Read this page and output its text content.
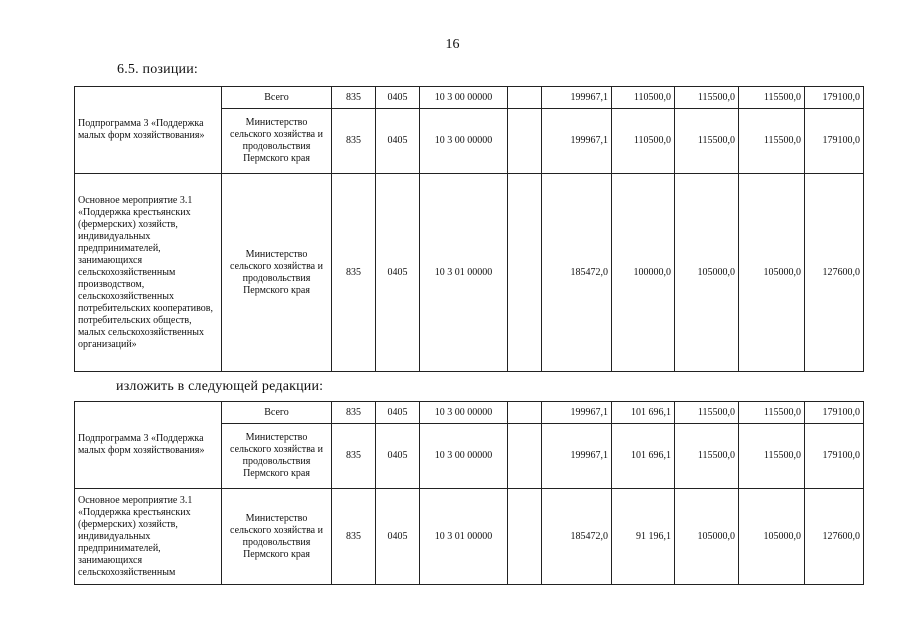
16
6.5. позиции:
Подпрограмма 3 «Поддержка малых форм хозяйствования»	Всего	835	0405	10 3 00 00000		199967,1	110500,0	115500,0	115500,0	179100,0
	Министерство сельского хозяйства и продовольствия Пермского края	835	0405	10 3 00 00000		199967,1	110500,0	115500,0	115500,0	179100,0
Основное мероприятие 3.1 «Поддержка крестьянских (фермерских) хозяйств, индивидуальных предпринимателей, занимающихся сельскохозяйственным производством, сельскохозяйственных потребительских кооперативов, потребительских обществ, малых сельскохозяйственных организаций»	Министерство сельского хозяйства и продовольствия Пермского края	835	0405	10 3 01 00000		185472,0	100000,0	105000,0	105000,0	127600,0
изложить в следующей редакции:
Подпрограмма 3 «Поддержка малых форм хозяйствования»	Всего	835	0405	10 3 00 00000		199967,1	101 696,1	115500,0	115500,0	179100,0
	Министерство сельского хозяйства и продовольствия Пермского края	835	0405	10 3 00 00000		199967,1	101 696,1	115500,0	115500,0	179100,0
Основное мероприятие 3.1 «Поддержка крестьянских (фермерских) хозяйств, индивидуальных предпринимателей, занимающихся сельскохозяйственным	Министерство сельского хозяйства и продовольствия Пермского края	835	0405	10 3 01 00000		185472,0	91 196,1	105000,0	105000,0	127600,0
